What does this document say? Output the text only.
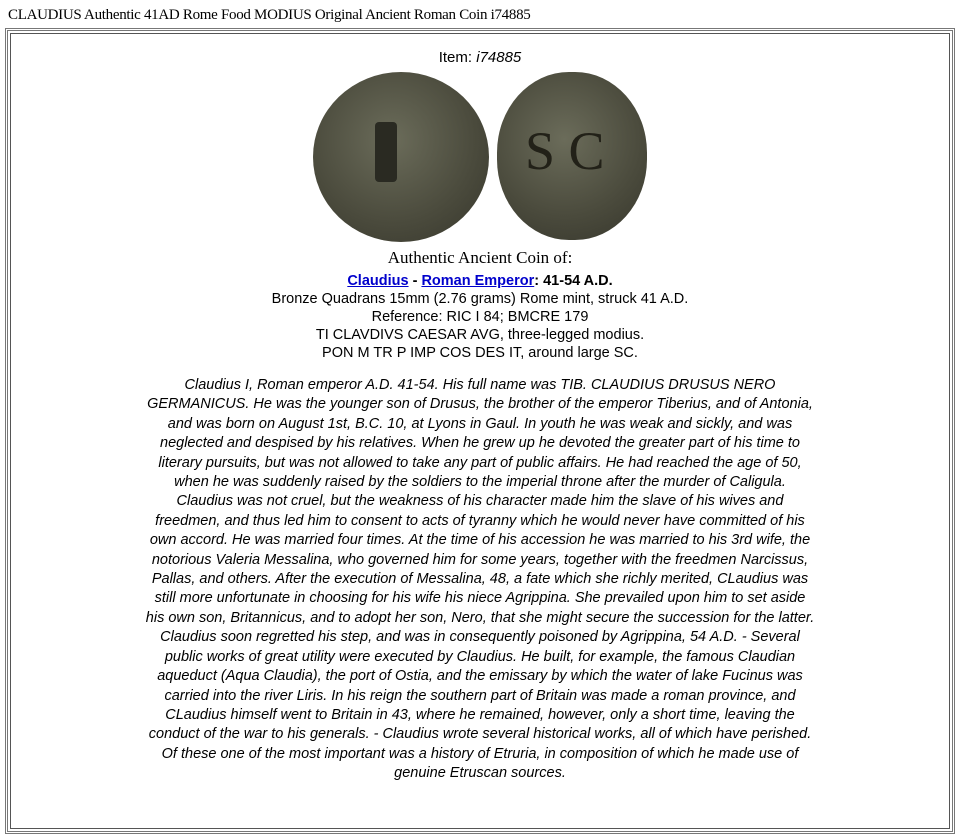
CLAUDIUS Authentic 41AD Rome Food MODIUS Original Ancient Roman Coin i74885
Item: i74885
S C
Authentic Ancient Coin of:
Claudius - Roman Emperor: 41-54 A.D.
Bronze Quadrans 15mm (2.76 grams) Rome mint, struck 41 A.D.
Reference: RIC I 84; BMCRE 179
TI CLAVDIVS CAESAR AVG, three-legged modius.
PON M TR P IMP COS DES IT, around large SC.
Claudius I, Roman emperor A.D. 41-54. His full name was TIB. CLAUDIUS DRUSUS NERO GERMANICUS. He was the younger son of Drusus, the brother of the emperor Tiberius, and of Antonia, and was born on August 1st, B.C. 10, at Lyons in Gaul. In youth he was weak and sickly, and was neglected and despised by his relatives. When he grew up he devoted the greater part of his time to literary pursuits, but was not allowed to take any part of public affairs. He had reached the age of 50, when he was suddenly raised by the soldiers to the imperial throne after the murder of Caligula. Claudius was not cruel, but the weakness of his character made him the slave of his wives and freedmen, and thus led him to consent to acts of tyranny which he would never have committed of his own accord. He was married four times. At the time of his accession he was married to his 3rd wife, the notorious Valeria Messalina, who governed him for some years, together with the freedmen Narcissus, Pallas, and others. After the execution of Messalina, 48, a fate which she richly merited, CLaudius was still more unfortunate in choosing for his wife his niece Agrippina. She prevailed upon him to set aside his own son, Britannicus, and to adopt her son, Nero, that she might secure the succession for the latter. Claudius soon regretted his step, and was in consequently poisoned by Agrippina, 54 A.D. - Several public works of great utility were executed by Claudius. He built, for example, the famous Claudian aqueduct (Aqua Claudia), the port of Ostia, and the emissary by which the water of lake Fucinus was carried into the river Liris. In his reign the southern part of Britain was made a roman province, and CLaudius himself went to Britain in 43, where he remained, however, only a short time, leaving the conduct of the war to his generals. - Claudius wrote several historical works, all of which have perished. Of these one of the most important was a history of Etruria, in composition of which he made use of genuine Etruscan sources.
